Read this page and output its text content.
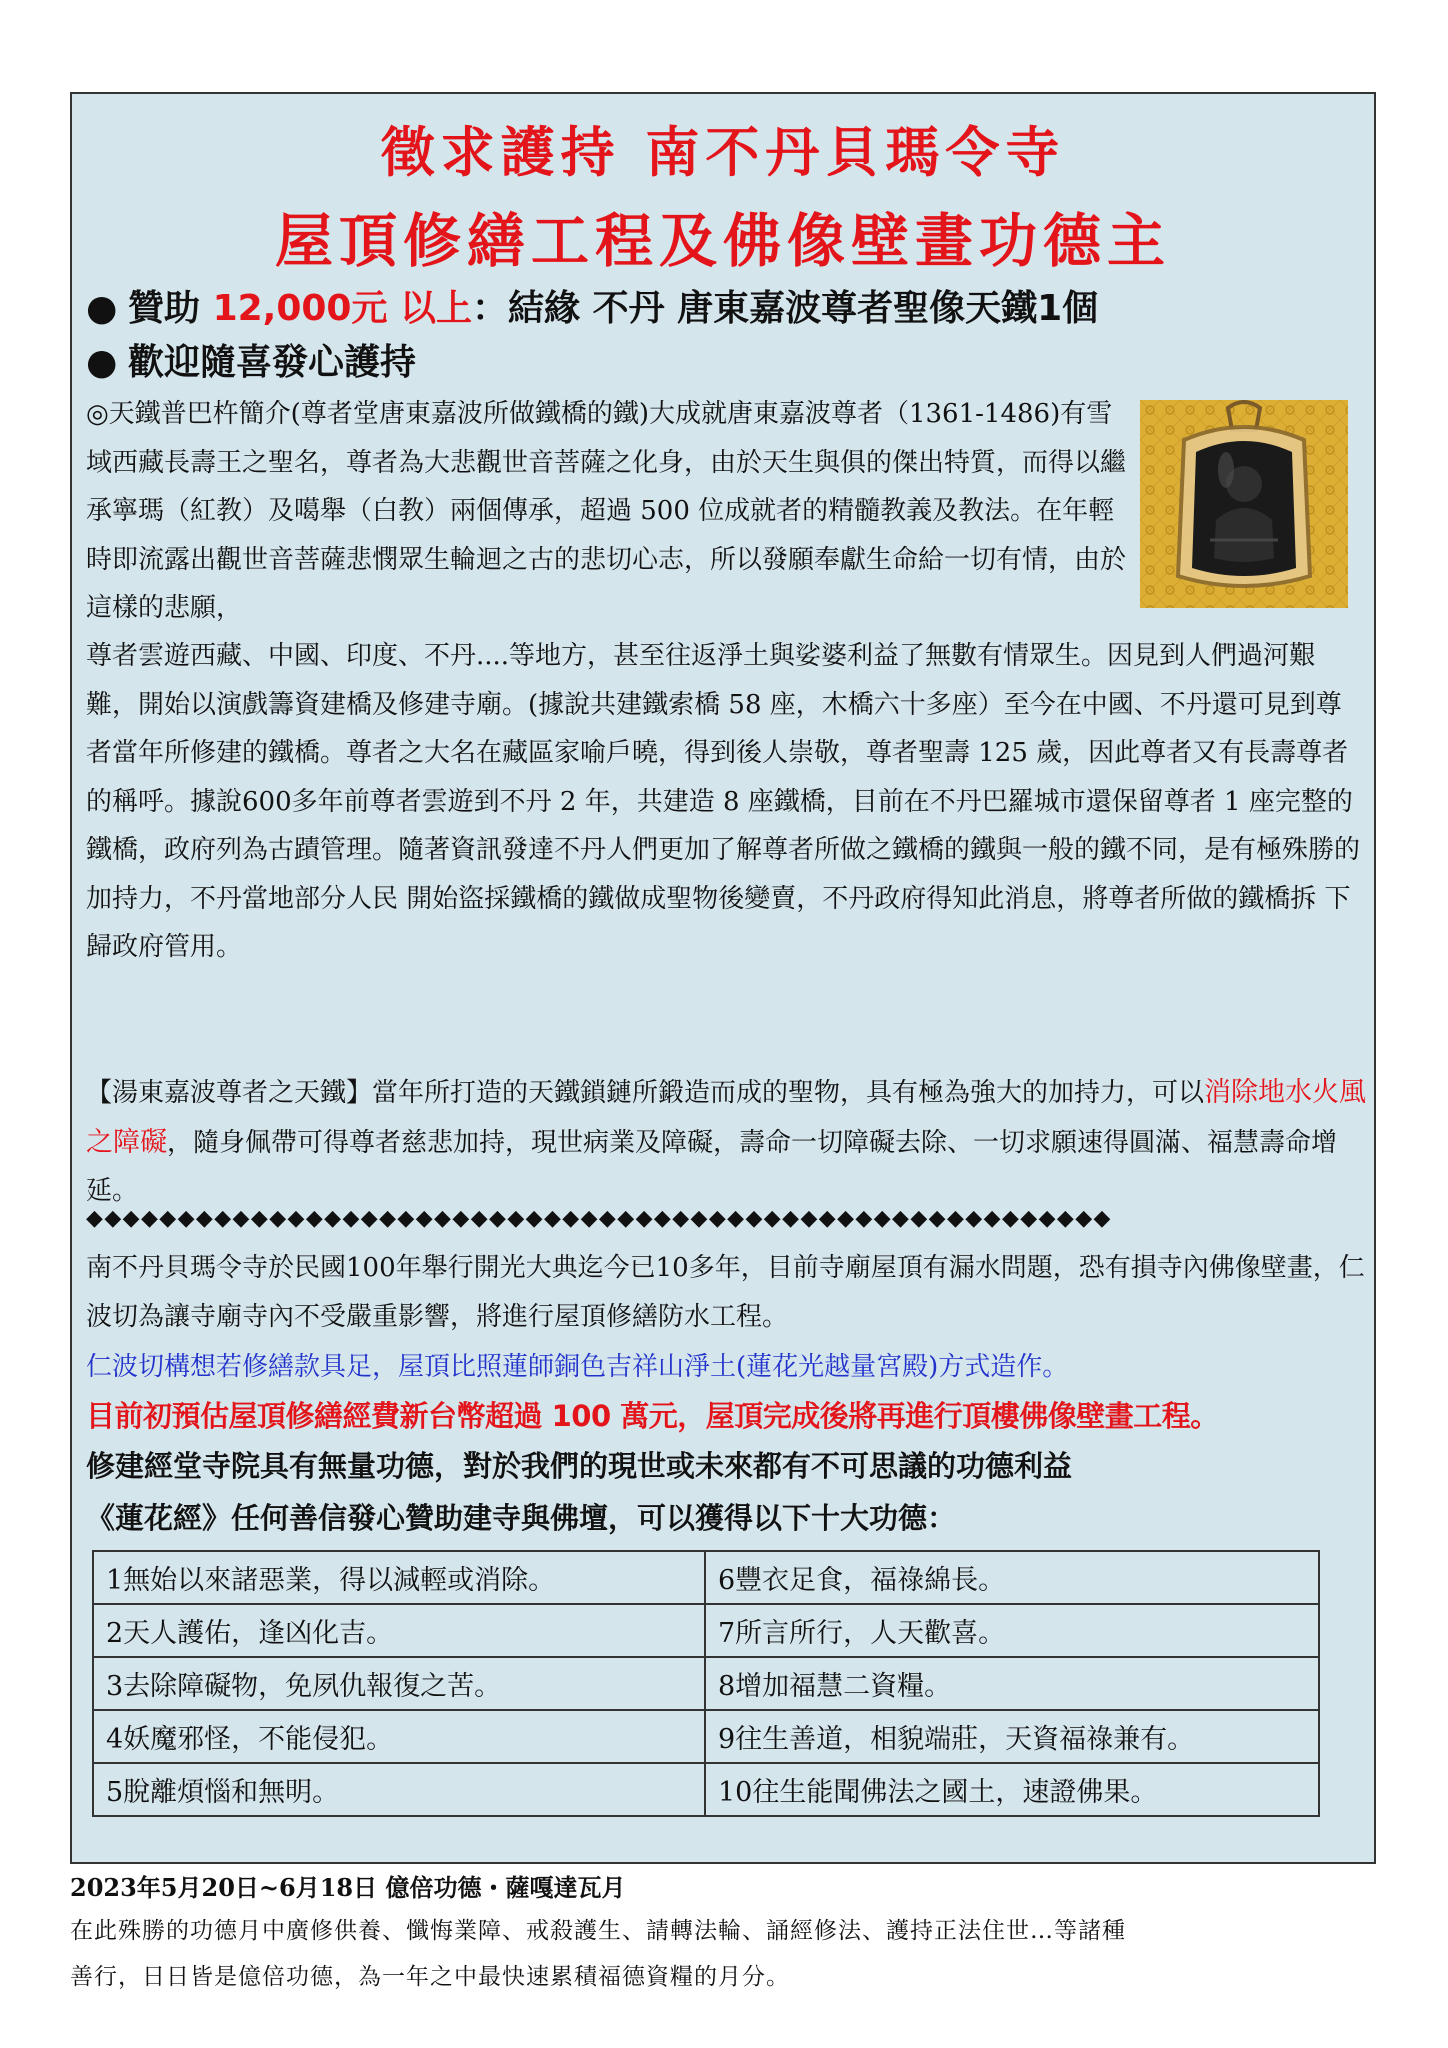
徵求護持 南不丹貝瑪令寺
屋頂修繕工程及佛像壁畫功德主
● 贊助 12,000元 以上：結緣 不丹 唐東嘉波尊者聖像天鐵1個
● 歡迎隨喜發心護持

◎天鐵普巴杵簡介(尊者堂唐東嘉波所做鐵橋的鐵)大成就唐東嘉波尊者（1361-1486)有雪域西藏長壽王之聖名，尊者為大悲觀世音菩薩之化身，由於天生與俱的傑出特質，而得以繼承寧瑪（紅教）及噶舉（白教）兩個傳承，超過 500 位成就者的精髓教義及教法。在年輕時即流露出觀世音菩薩悲憫眾生輪迴之古的悲切心志，所以發願奉獻生命給一切有情，由於這樣的悲願，

尊者雲遊西藏、中國、印度、不丹....等地方，甚至往返淨土與娑婆利益了無數有情眾生。因見到人們過河艱難，開始以演戲籌資建橋及修建寺廟。(據說共建鐵索橋 58 座，木橋六十多座）至今在中國、不丹還可見到尊者當年所修建的鐵橋。尊者之大名在藏區家喻戶曉，得到後人崇敬，尊者聖壽 125 歲，因此尊者又有長壽尊者的稱呼。據說600多年前尊者雲遊到不丹 2 年，共建造 8 座鐵橋，目前在不丹巴羅城市還保留尊者 1 座完整的鐵橋，政府列為古蹟管理。隨著資訊發達不丹人們更加了解尊者所做之鐵橋的鐵與一般的鐵不同，是有極殊勝的加持力，不丹當地部分人民 開始盜採鐵橋的鐵做成聖物後變賣，不丹政府得知此消息，將尊者所做的鐵橋拆 下歸政府管用。

【湯東嘉波尊者之天鐵】當年所打造的天鐵鎖鏈所鍛造而成的聖物，具有極為強大的加持力，可以消除地水火風之障礙，隨身佩帶可得尊者慈悲加持，現世病業及障礙，壽命一切障礙去除、一切求願速得圓滿、福慧壽命增延。

◆◆◆◆◆◆◆◆◆◆◆◆◆◆◆◆◆◆◆◆◆◆◆◆◆◆◆◆◆◆◆◆◆◆◆◆◆◆◆◆◆◆◆◆◆◆◆◆◆◆◆◆◆◆◆◆

南不丹貝瑪令寺於民國100年舉行開光大典迄今已10多年，目前寺廟屋頂有漏水問題，恐有損寺內佛像壁畫，仁波切為讓寺廟寺內不受嚴重影響，將進行屋頂修繕防水工程。

仁波切構想若修繕款具足，屋頂比照蓮師銅色吉祥山淨土(蓮花光越量宮殿)方式造作。
目前初預估屋頂修繕經費新台幣超過 100 萬元，屋頂完成後將再進行頂樓佛像壁畫工程。
修建經堂寺院具有無量功德，對於我們的現世或未來都有不可思議的功德利益
《蓮花經》任何善信發心贊助建寺與佛壇，可以獲得以下十大功德：
1無始以來諸惡業，得以減輕或消除。	6豐衣足食，福祿綿長。
2天人護佑，逢凶化吉。	7所言所行，人天歡喜。
3去除障礙物，免夙仇報復之苦。	8增加福慧二資糧。
4妖魔邪怪，不能侵犯。	9往生善道，相貌端莊，天資福祿兼有。
5脫離煩惱和無明。	10往生能聞佛法之國土，速證佛果。
2023年5月20日~6月18日 億倍功德・薩嘎達瓦月
在此殊勝的功德月中廣修供養、懺悔業障、戒殺護生、請轉法輪、誦經修法、護持正法住世…等諸種
善行，日日皆是億倍功德，為一年之中最快速累積福德資糧的月分。
